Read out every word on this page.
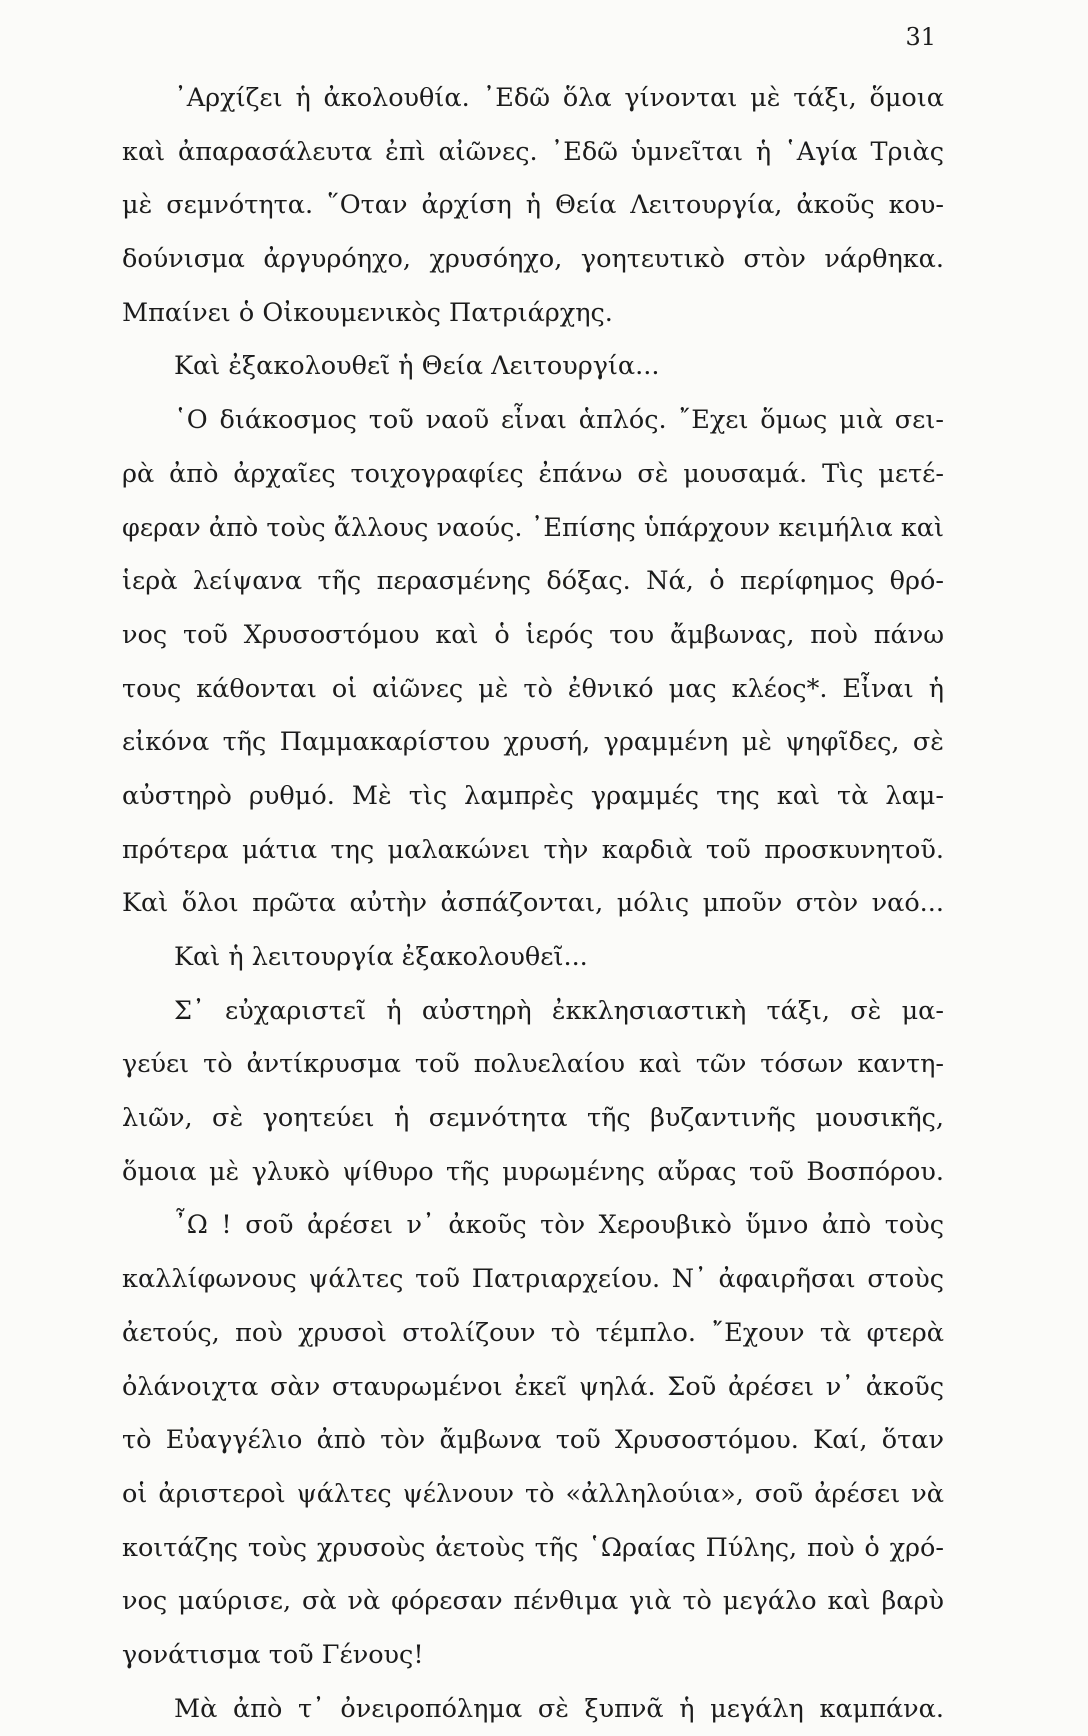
31
᾿Αρχίζει ἡ ἀκολουθία. ᾿Εδῶ ὅλα γίνονται μὲ τάξι, ὅμοια
καὶ ἀπαρασάλευτα ἐπὶ αἰῶνες. ᾿Εδῶ ὑμνεῖται ἡ ῾Αγία Τριὰς
μὲ σεμνότητα. ῞Οταν ἀρχίση ἡ Θεία Λειτουργία, ἀκοῦς κου-
δούνισμα ἀργυρόηχο, χρυσόηχο, γοητευτικὸ στὸν νάρθηκα.
Μπαίνει ὁ Οἰκουμενικὸς Πατριάρχης.
Καὶ ἐξακολουθεῖ ἡ Θεία Λειτουργία...
῾Ο διάκοσμος τοῦ ναοῦ εἶναι ἁπλός. ῎Εχει ὅμως μιὰ σει-
ρὰ ἀπὸ ἀρχαῖες τοιχογραφίες ἐπάνω σὲ μουσαμά. Τὶς μετέ-
φεραν ἀπὸ τοὺς ἄλλους ναούς. ᾿Επίσης ὑπάρχουν κειμήλια καὶ
ἱερὰ λείψανα τῆς περασμένης δόξας. Νά, ὁ περίφημος θρό-
νος τοῦ Χρυσοστόμου καὶ ὁ ἱερός του ἄμβωνας, ποὺ πάνω
τους κάθονται οἱ αἰῶνες μὲ τὸ ἐθνικό μας κλέος*. Εἶναι ἡ
εἰκόνα τῆς Παμμακαρίστου χρυσή, γραμμένη μὲ ψηφῖδες, σὲ
αὐστηρὸ ρυθμό. Μὲ τὶς λαμπρὲς γραμμές της καὶ τὰ λαμ-
πρότερα μάτια της μαλακώνει τὴν καρδιὰ τοῦ προσκυνητοῦ.
Καὶ ὅλοι πρῶτα αὐτὴν ἀσπάζονται, μόλις μποῦν στὸν ναό...
Καὶ ἡ λειτουργία ἐξακολουθεῖ...
Σ᾿ εὐχαριστεῖ ἡ αὐστηρὴ ἐκκλησιαστικὴ τάξι, σὲ μα-
γεύει τὸ ἀντίκρυσμα τοῦ πολυελαίου καὶ τῶν τόσων καντη-
λιῶν, σὲ γοητεύει ἡ σεμνότητα τῆς βυζαντινῆς μουσικῆς,
ὅμοια μὲ γλυκὸ ψίθυρο τῆς μυρωμένης αὔρας τοῦ Βοσπόρου.
῏Ω ! σοῦ ἀρέσει ν᾿ ἀκοῦς τὸν Χερουβικὸ ὕμνο ἀπὸ τοὺς
καλλίφωνους ψάλτες τοῦ Πατριαρχείου. Ν᾿ ἀφαιρῆσαι στοὺς
ἀετούς, ποὺ χρυσοὶ στολίζουν τὸ τέμπλο. ῎Εχουν τὰ φτερὰ
ὀλάνοιχτα σὰν σταυρωμένοι ἐκεῖ ψηλά. Σοῦ ἀρέσει ν᾿ ἀκοῦς
τὸ Εὐαγγέλιο ἀπὸ τὸν ἄμβωνα τοῦ Χρυσοστόμου. Καί, ὅταν
οἱ ἀριστεροὶ ψάλτες ψέλνουν τὸ «ἀλληλούια», σοῦ ἀρέσει νὰ
κοιτάζης τοὺς χρυσοὺς ἀετοὺς τῆς ῾Ωραίας Πύλης, ποὺ ὁ χρό-
νος μαύρισε, σὰ νὰ φόρεσαν πένθιμα γιὰ τὸ μεγάλο καὶ βαρὺ
γονάτισμα τοῦ Γένους!
Μὰ ἀπὸ τ᾿ ὀνειροπόλημα σὲ ξυπνᾶ ἡ μεγάλη καμπάνα.
